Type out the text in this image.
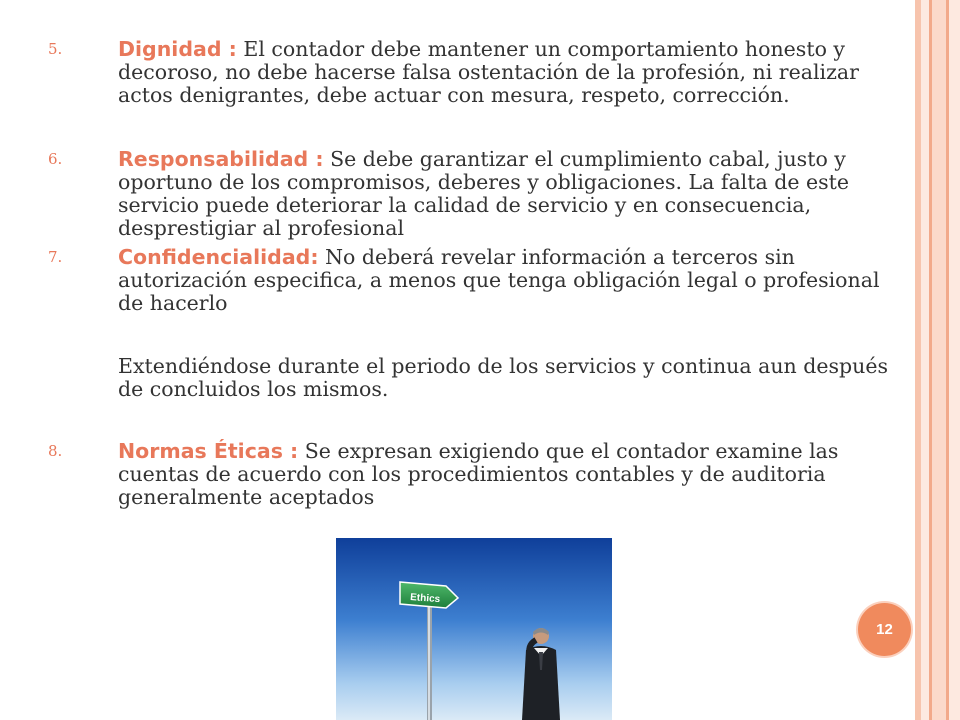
5.	Dignidad : El contador debe mantener un comportamiento honesto y decoroso, no debe hacerse falsa ostentación de la profesión, ni realizar actos denigrantes, debe actuar con mesura, respeto, corrección.
6.	Responsabilidad : Se debe garantizar el cumplimiento cabal, justo y oportuno de los compromisos, deberes y obligaciones. La falta de este servicio puede deteriorar la calidad de servicio y en consecuencia, desprestigiar al profesional
7.	Confidencialidad: No deberá revelar información a terceros sin autorización especifica, a menos que tenga obligación legal o profesional de hacerlo
Extendiéndose durante el periodo de los servicios y continua aun después de concluidos los mismos.
8.	Normas Éticas : Se expresan exigiendo que el contador examine las cuentas de acuerdo con los procedimientos contables y de auditoria generalmente aceptados
Ethics
12
